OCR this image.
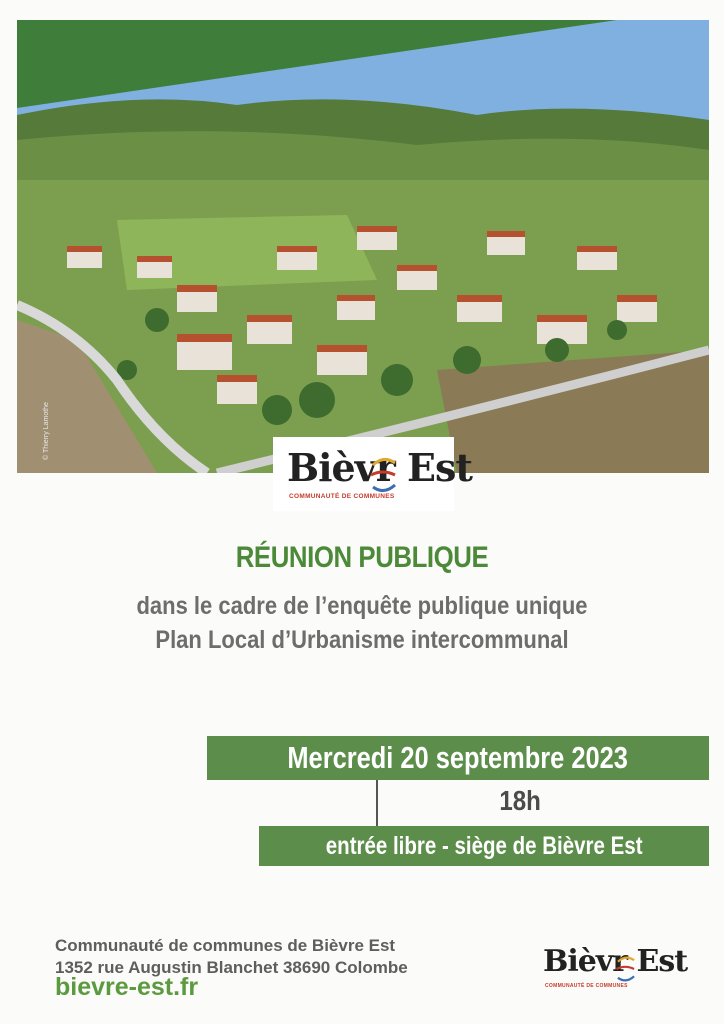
© Thierry Lamothe
Bièvr Est
COMMUNAUTÉ DE COMMUNES
RÉUNION PUBLIQUE
dans le cadre de l’enquête publique unique
Plan Local d’Urbanisme intercommunal
Mercredi 20 septembre 2023
18h
entrée libre - siège de Bièvre Est
Communauté de communes de Bièvre Est
1352 rue Augustin Blanchet 38690 Colombe
bievre-est.fr
Bièvr Est
COMMUNAUTÉ DE COMMUNES
